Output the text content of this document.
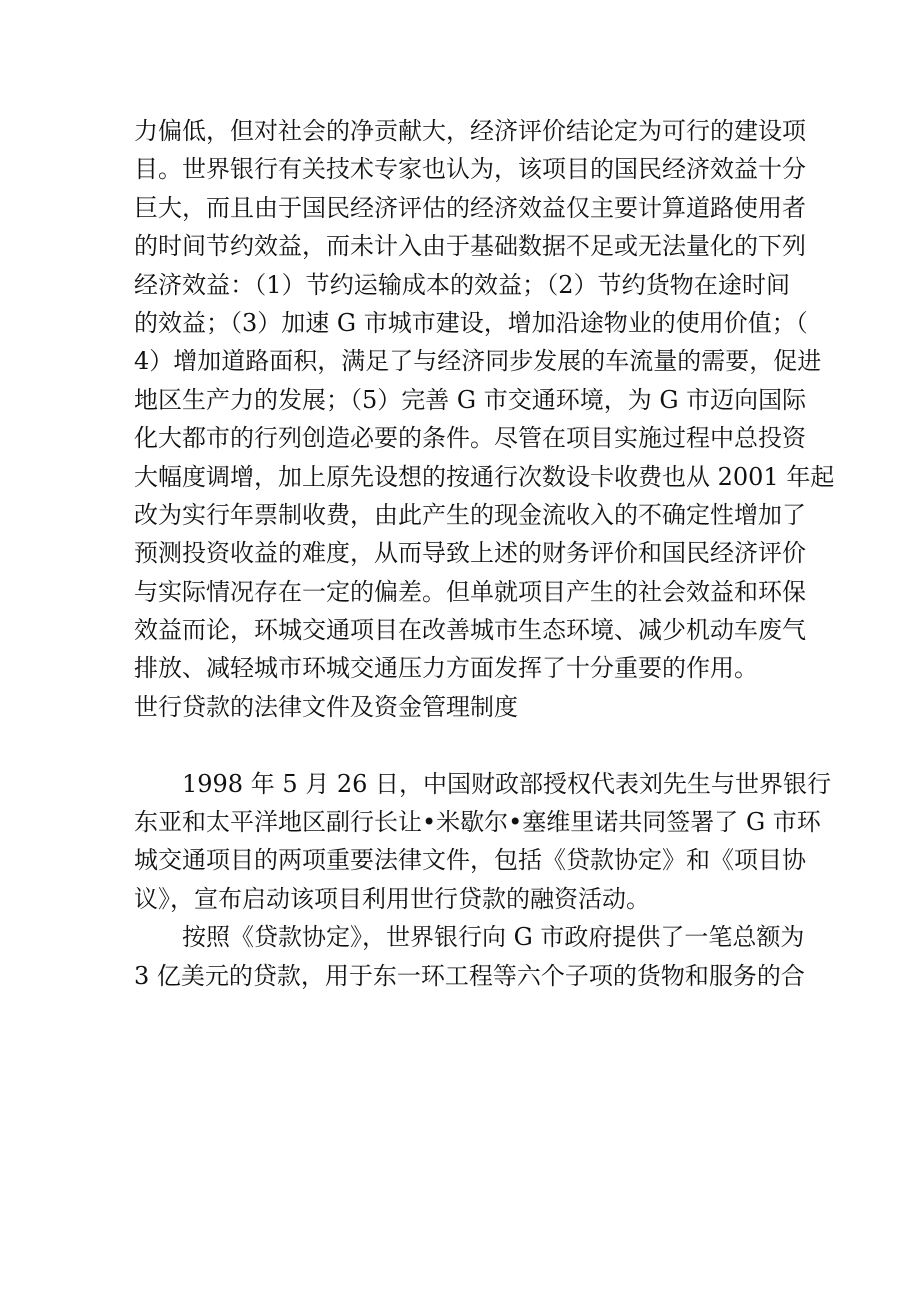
力偏低，但对社会的净贡献大，经济评价结论定为可行的建设项
目。世界银行有关技术专家也认为，该项目的国民经济效益十分
巨大，而且由于国民经济评估的经济效益仅主要计算道路使用者
的时间节约效益，而未计入由于基础数据不足或无法量化的下列
经济效益：（1）节约运输成本的效益；（2）节约货物在途时间
的效益；（3）加速 G 市城市建设，增加沿途物业的使用价值；（
4）增加道路面积，满足了与经济同步发展的车流量的需要，促进
地区生产力的发展；（5）完善 G 市交通环境，为 G 市迈向国际
化大都市的行列创造必要的条件。尽管在项目实施过程中总投资
大幅度调增，加上原先设想的按通行次数设卡收费也从 2001 年起
改为实行年票制收费，由此产生的现金流收入的不确定性增加了
预测投资收益的难度，从而导致上述的财务评价和国民经济评价
与实际情况存在一定的偏差。但单就项目产生的社会效益和环保
效益而论，环城交通项目在改善城市生态环境、减少机动车废气
排放、减轻城市环城交通压力方面发挥了十分重要的作用。
世行贷款的法律文件及资金管理制度
1998 年 5 月 26 日，中国财政部授权代表刘先生与世界银行
东亚和太平洋地区副行长让•米歇尔•塞维里诺共同签署了 G 市环
城交通项目的两项重要法律文件，包括《贷款协定》和《项目协
议》，宣布启动该项目利用世行贷款的融资活动。
按照《贷款协定》，世界银行向 G 市政府提供了一笔总额为
3 亿美元的贷款，用于东一环工程等六个子项的货物和服务的合
